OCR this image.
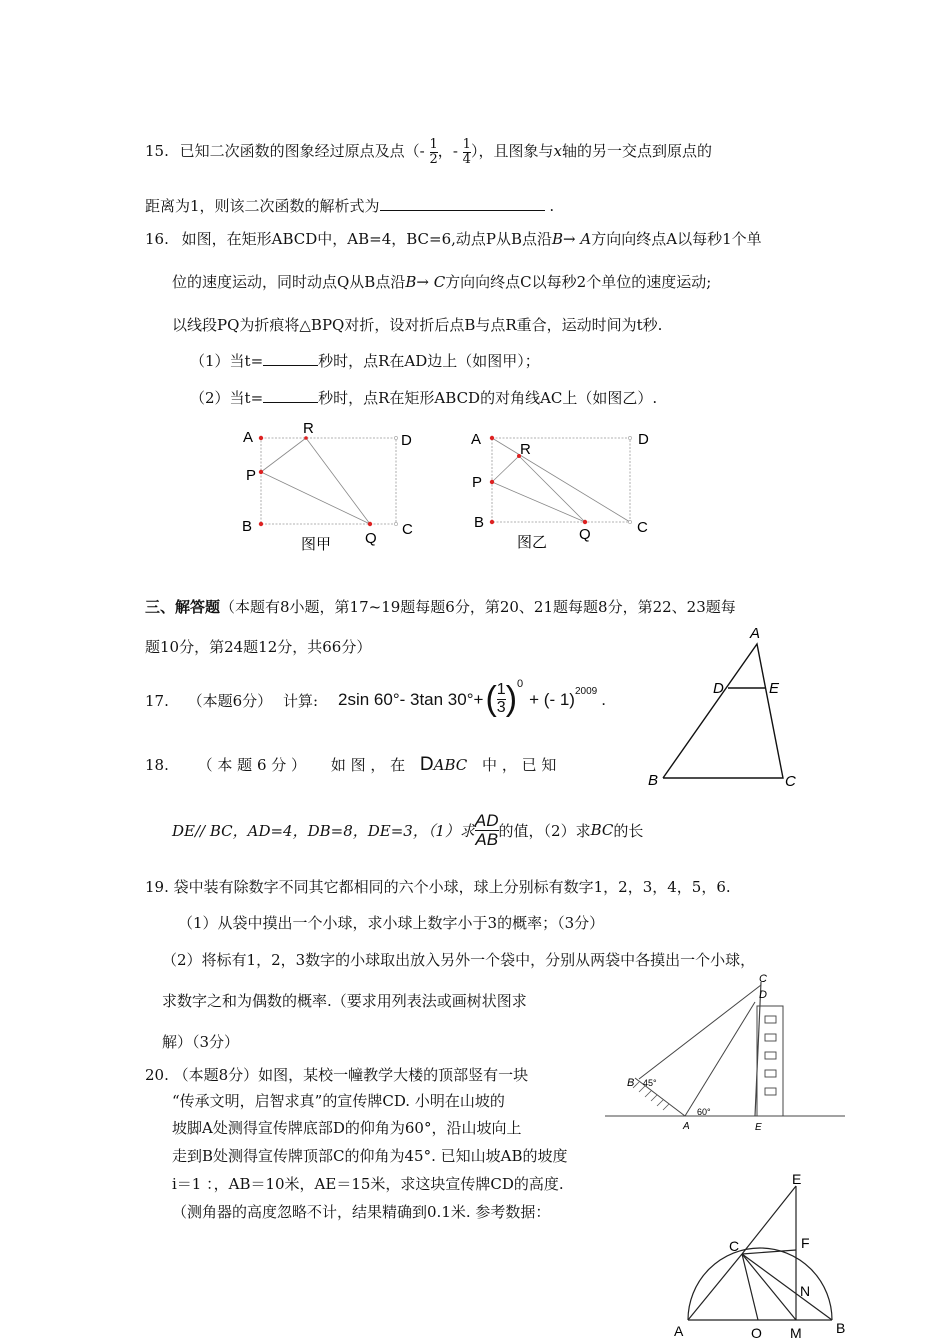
15. 已知二次函数的图象经过原点及点（- $\frac{1}{2}$ ，- $\frac{1}{4}$ ），且图象与x轴的另一交点到原点的
距离为1，则该二次函数的解析式为	.
16. 如图，在矩形ABCD中，AB=4，BC=6,动点P从B点沿B→ A方向向终点A以每秒1个单
位的速度运动，同时动点Q从B点沿B→ C方向向终点C以每秒2个单位的速度运动;
以线段PQ为折痕将△BPQ对折，设对折后点B与点R重合，运动时间为t秒.
（1）当t=	秒时，点R在AD边上（如图甲）；
（2）当t=	秒时，点R在矩形ABCD的对角线AC上（如图乙）.
A
R
D
P
B	C
Q
图甲
A
R
D
P
B	C
Q
图乙
三、解答题（本题有8小题，第17~19题每题6分，第20、21题每题8分，第22、23题每
题10分，第24题12分，共66分）
17. （本题6分） 计算: 2sin 60°- 3tan 30°+ ( $\frac{1}{3}$ ) 0
+ (- 1) 2009 .
18. （ 本 题 6 分 ） 如 图 ， 在 DABC 中 ， 已 知
DE// BC，AD=4，DB=8，DE=3，（1）求 $\frac{AD}{AB}$ 的值，（2）求 BC 的长
A
D	E
B	C
19. 袋中装有除数字不同其它都相同的六个小球，球上分别标有数字1，2，3，4，5，6.
（1）从袋中摸出一个小球，求小球上数字小于3的概率；（3分）
（2）将标有1，2，3数字的小球取出放入另外一个袋中，分别从两袋中各摸出一个小球，
求数字之和为偶数的概率.（要求用列表法或画树状图求
解）（3分）
20. （本题8分）如图，某校一幢教学大楼的顶部竖有一块
“传承文明，启智求真”的宣传牌CD. 小明在山坡的
坡脚A处测得宣传牌底部D的仰角为60°，沿山坡向上
走到B处测得宣传牌顶部C的仰角为45°. 已知山坡AB的坡度
i＝1 ：，AB＝10米，AE＝15米，求这块宣传牌CD的高度.
（测角器的高度忽略不计，结果精确到0.1米. 参考数据：
C
D
B 45°
60°
A	E
E
F
C
N
A	O M B
